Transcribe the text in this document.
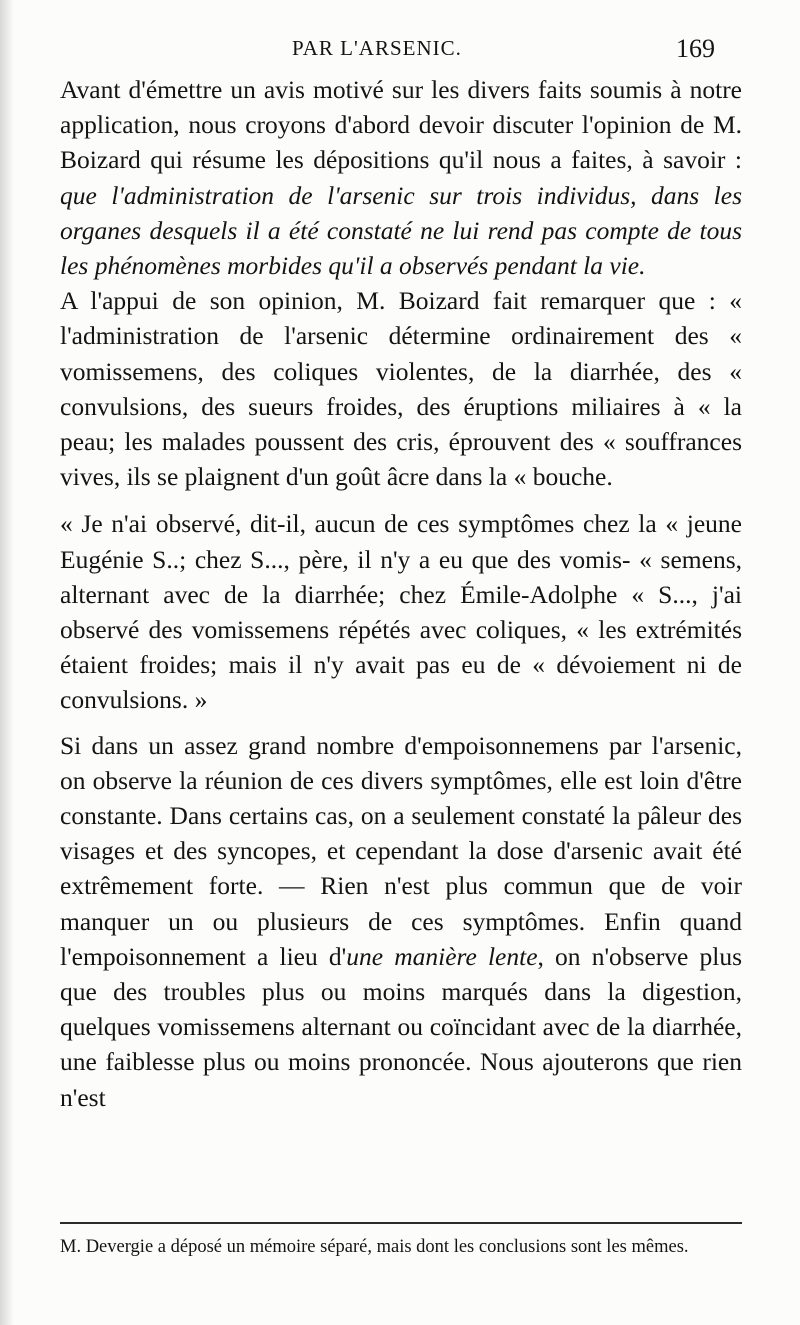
PAR L'ARSENIC.	169

Avant d'émettre un avis motivé sur les divers faits soumis à notre application, nous croyons d'abord devoir discuter l'opinion de M. Boizard qui résume les dépositions qu'il nous a faites, à savoir : que l'administration de l'arsenic sur trois individus, dans les organes desquels il a été constaté ne lui rend pas compte de tous les phénomènes morbides qu'il a observés pendant la vie.

A l'appui de son opinion, M. Boizard fait remarquer que : « l'administration de l'arsenic détermine ordinairement des « vomissemens, des coliques violentes, de la diarrhée, des « convulsions, des sueurs froides, des éruptions miliaires à « la peau; les malades poussent des cris, éprouvent des « souffrances vives, ils se plaignent d'un goût âcre dans la « bouche.

« Je n'ai observé, dit-il, aucun de ces symptômes chez la « jeune Eugénie S..; chez S..., père, il n'y a eu que des vomis- « semens, alternant avec de la diarrhée; chez Émile-Adolphe « S..., j'ai observé des vomissemens répétés avec coliques, « les extrémités étaient froides; mais il n'y avait pas eu de « dévoiement ni de convulsions. »

Si dans un assez grand nombre d'empoisonnemens par l'arsenic, on observe la réunion de ces divers symptômes, elle est loin d'être constante. Dans certains cas, on a seulement constaté la pâleur des visages et des syncopes, et cependant la dose d'arsenic avait été extrêmement forte. — Rien n'est plus commun que de voir manquer un ou plusieurs de ces symptômes. Enfin quand l'empoisonnement a lieu d'une manière lente, on n'observe plus que des troubles plus ou moins marqués dans la digestion, quelques vomissemens alternant ou coïncidant avec de la diarrhée, une faiblesse plus ou moins prononcée. Nous ajouterons que rien n'est

M. Devergie a déposé un mémoire séparé, mais dont les conclusions sont les mêmes.
